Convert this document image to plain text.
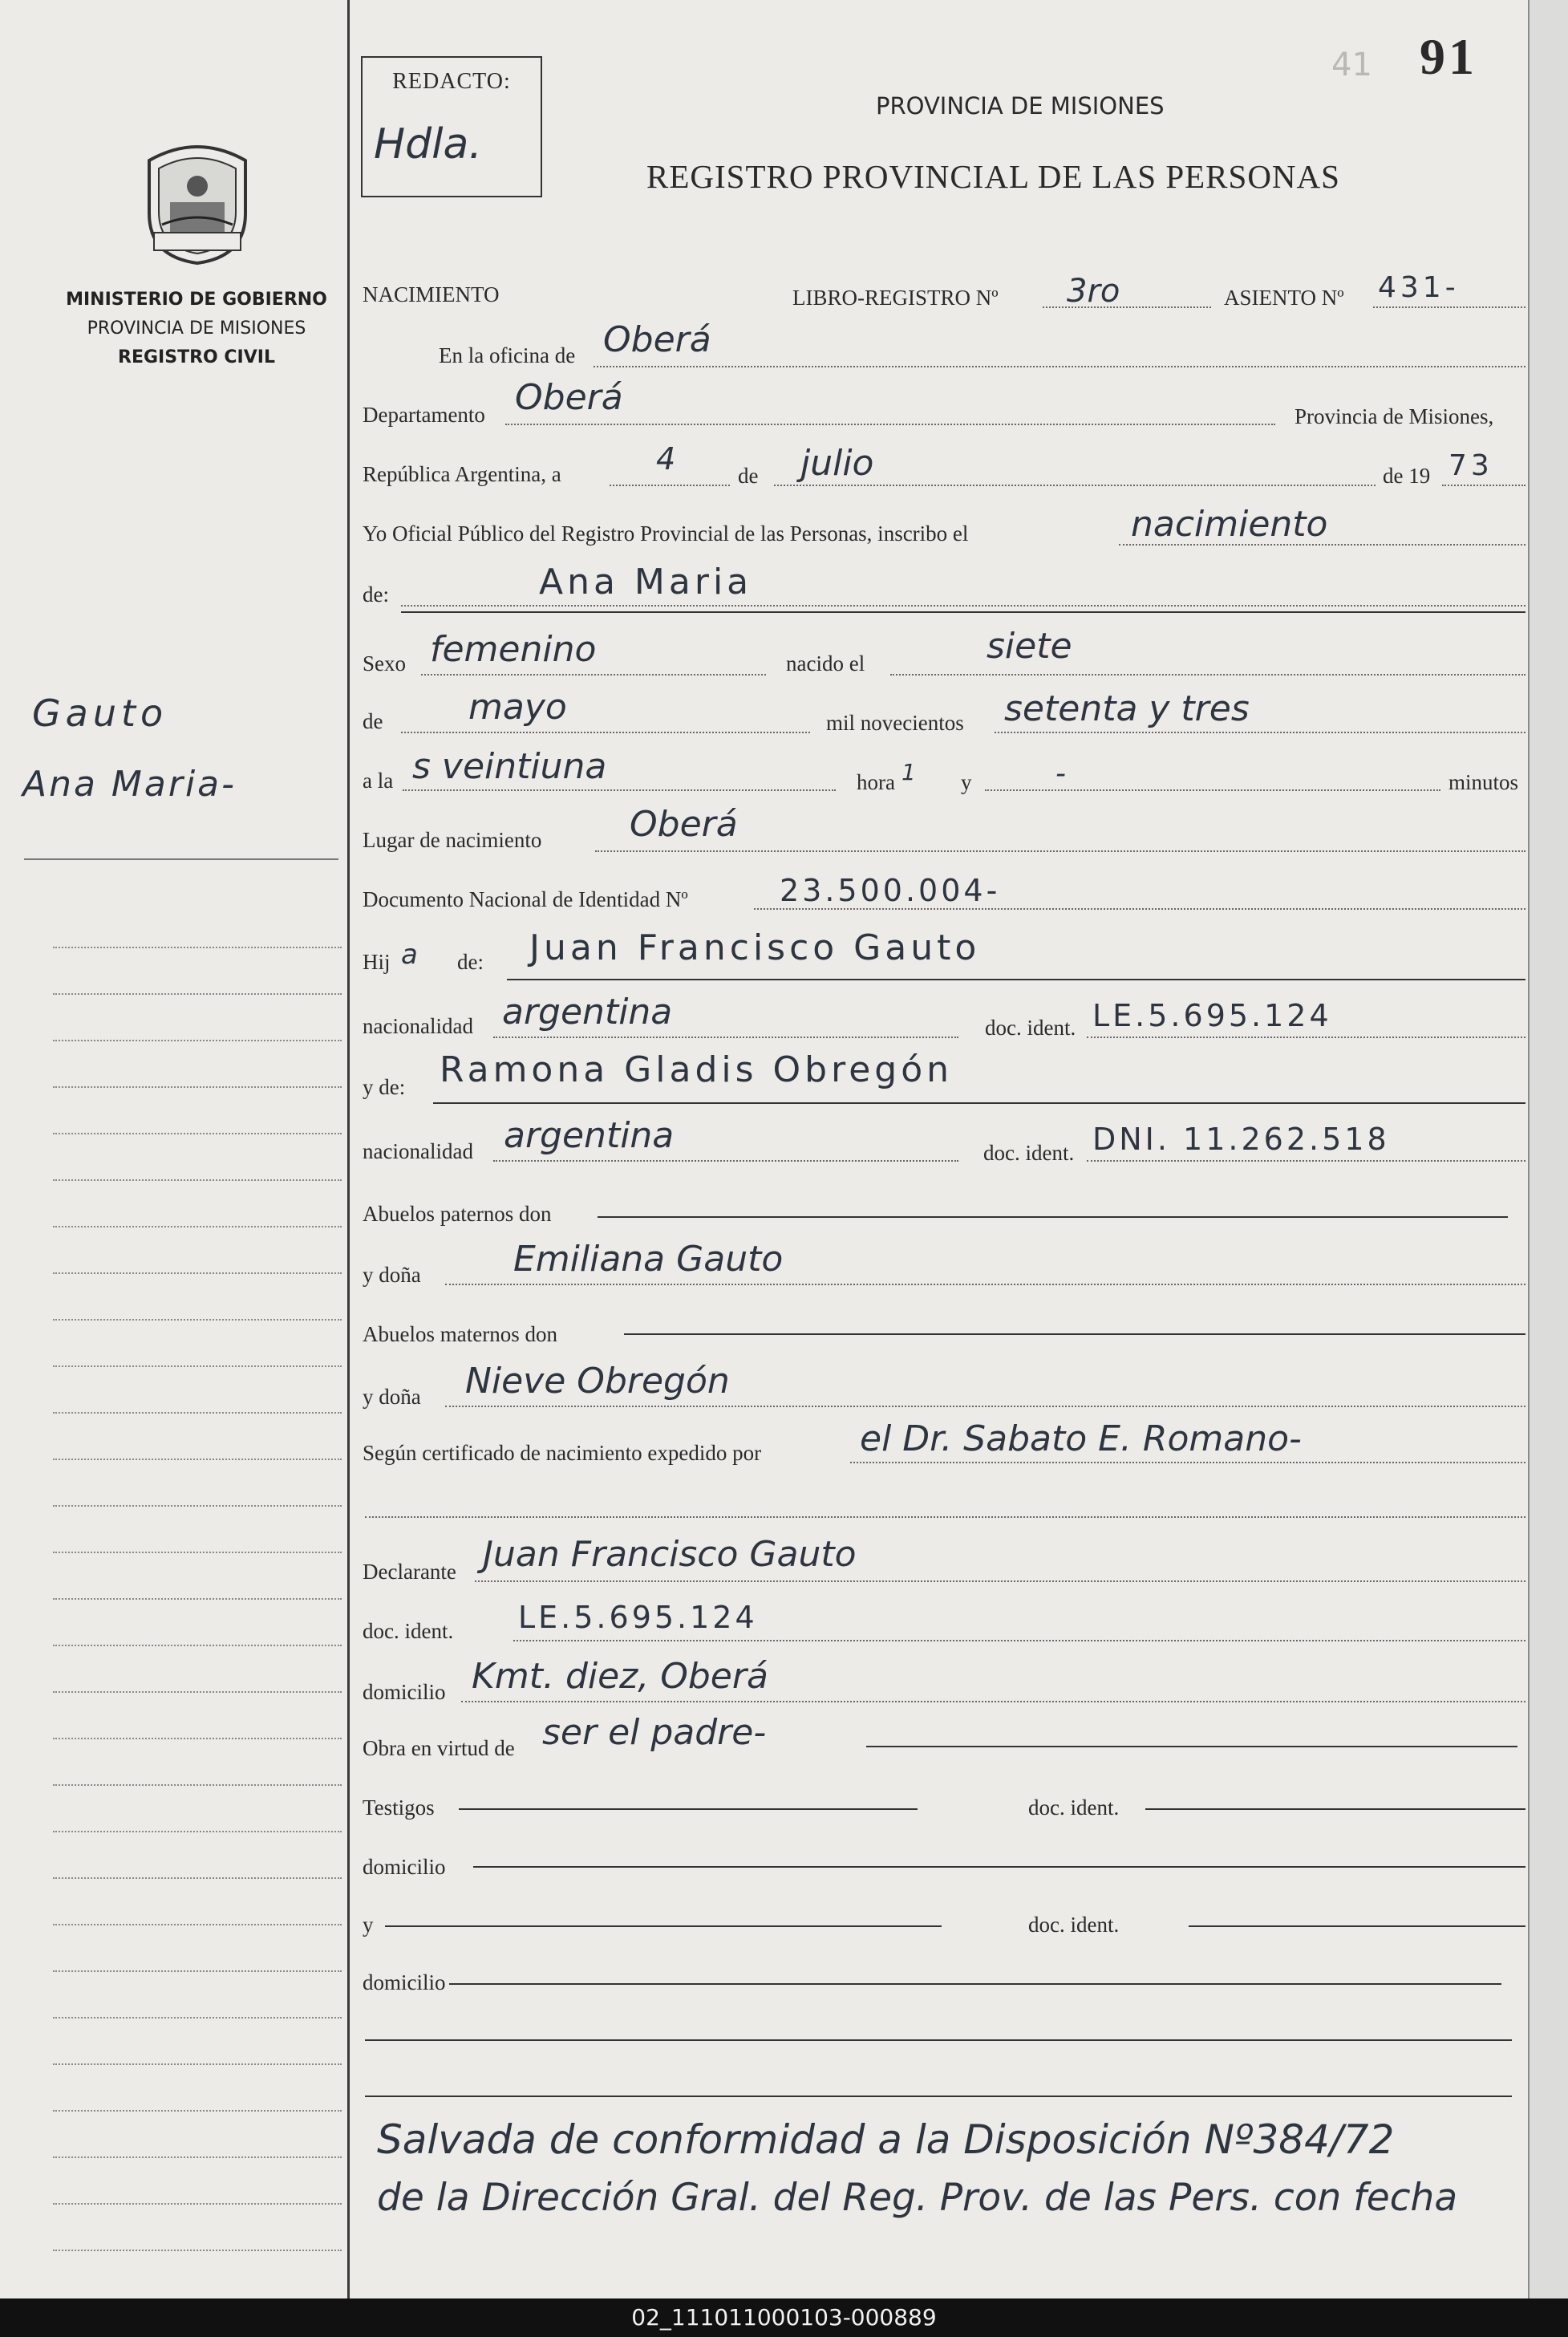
MINISTERIO DE GOBIERNO
PROVINCIA DE MISIONES
REGISTRO CIVIL
Gauto
Ana Maria-
REDACTO:
Hdla.
41 91
PROVINCIA DE MISIONES
REGISTRO PROVINCIAL DE LAS PERSONAS
NACIMIENTO	LIBRO-REGISTRO Nº 3ro	ASIENTO Nº 431-
En la oficina de Oberá
Departamento Oberá	Provincia de Misiones,
República Argentina, a	4	de julio	de 19 73
Yo Oficial Público del Registro Provincial de las Personas, inscribo el	nacimiento
de:	Ana Maria
Sexo femenino	nacido el	siete
de mayo	mil novecientos setenta y tres
a la s veintiuna	hora 1 y	-	minutos
Lugar de nacimiento Oberá
Documento Nacional de Identidad Nº	23.500.004-
Hij a de: Juan Francisco Gauto
nacionalidad argentina	doc. ident. LE.5.695.124
y de: Ramona Gladis Obregón
nacionalidad argentina	doc. ident. DNI. 11.262.518
Abuelos paternos don
y doña	Emiliana Gauto
Abuelos maternos don
y doña Nieve Obregón
Según certificado de nacimiento expedido por	el Dr. Sabato E. Romano-
Declarante Juan Francisco Gauto
doc. ident. LE.5.695.124
domicilio Kmt. diez, Oberá
Obra en virtud de ser el padre-
Testigos	doc. ident.
domicilio
y	doc. ident.
domicilio
Salvada de conformidad a la Disposición Nº384/72
de la Dirección Gral. del Reg. Prov. de las Pers. con fecha
02_111011000103-000889
